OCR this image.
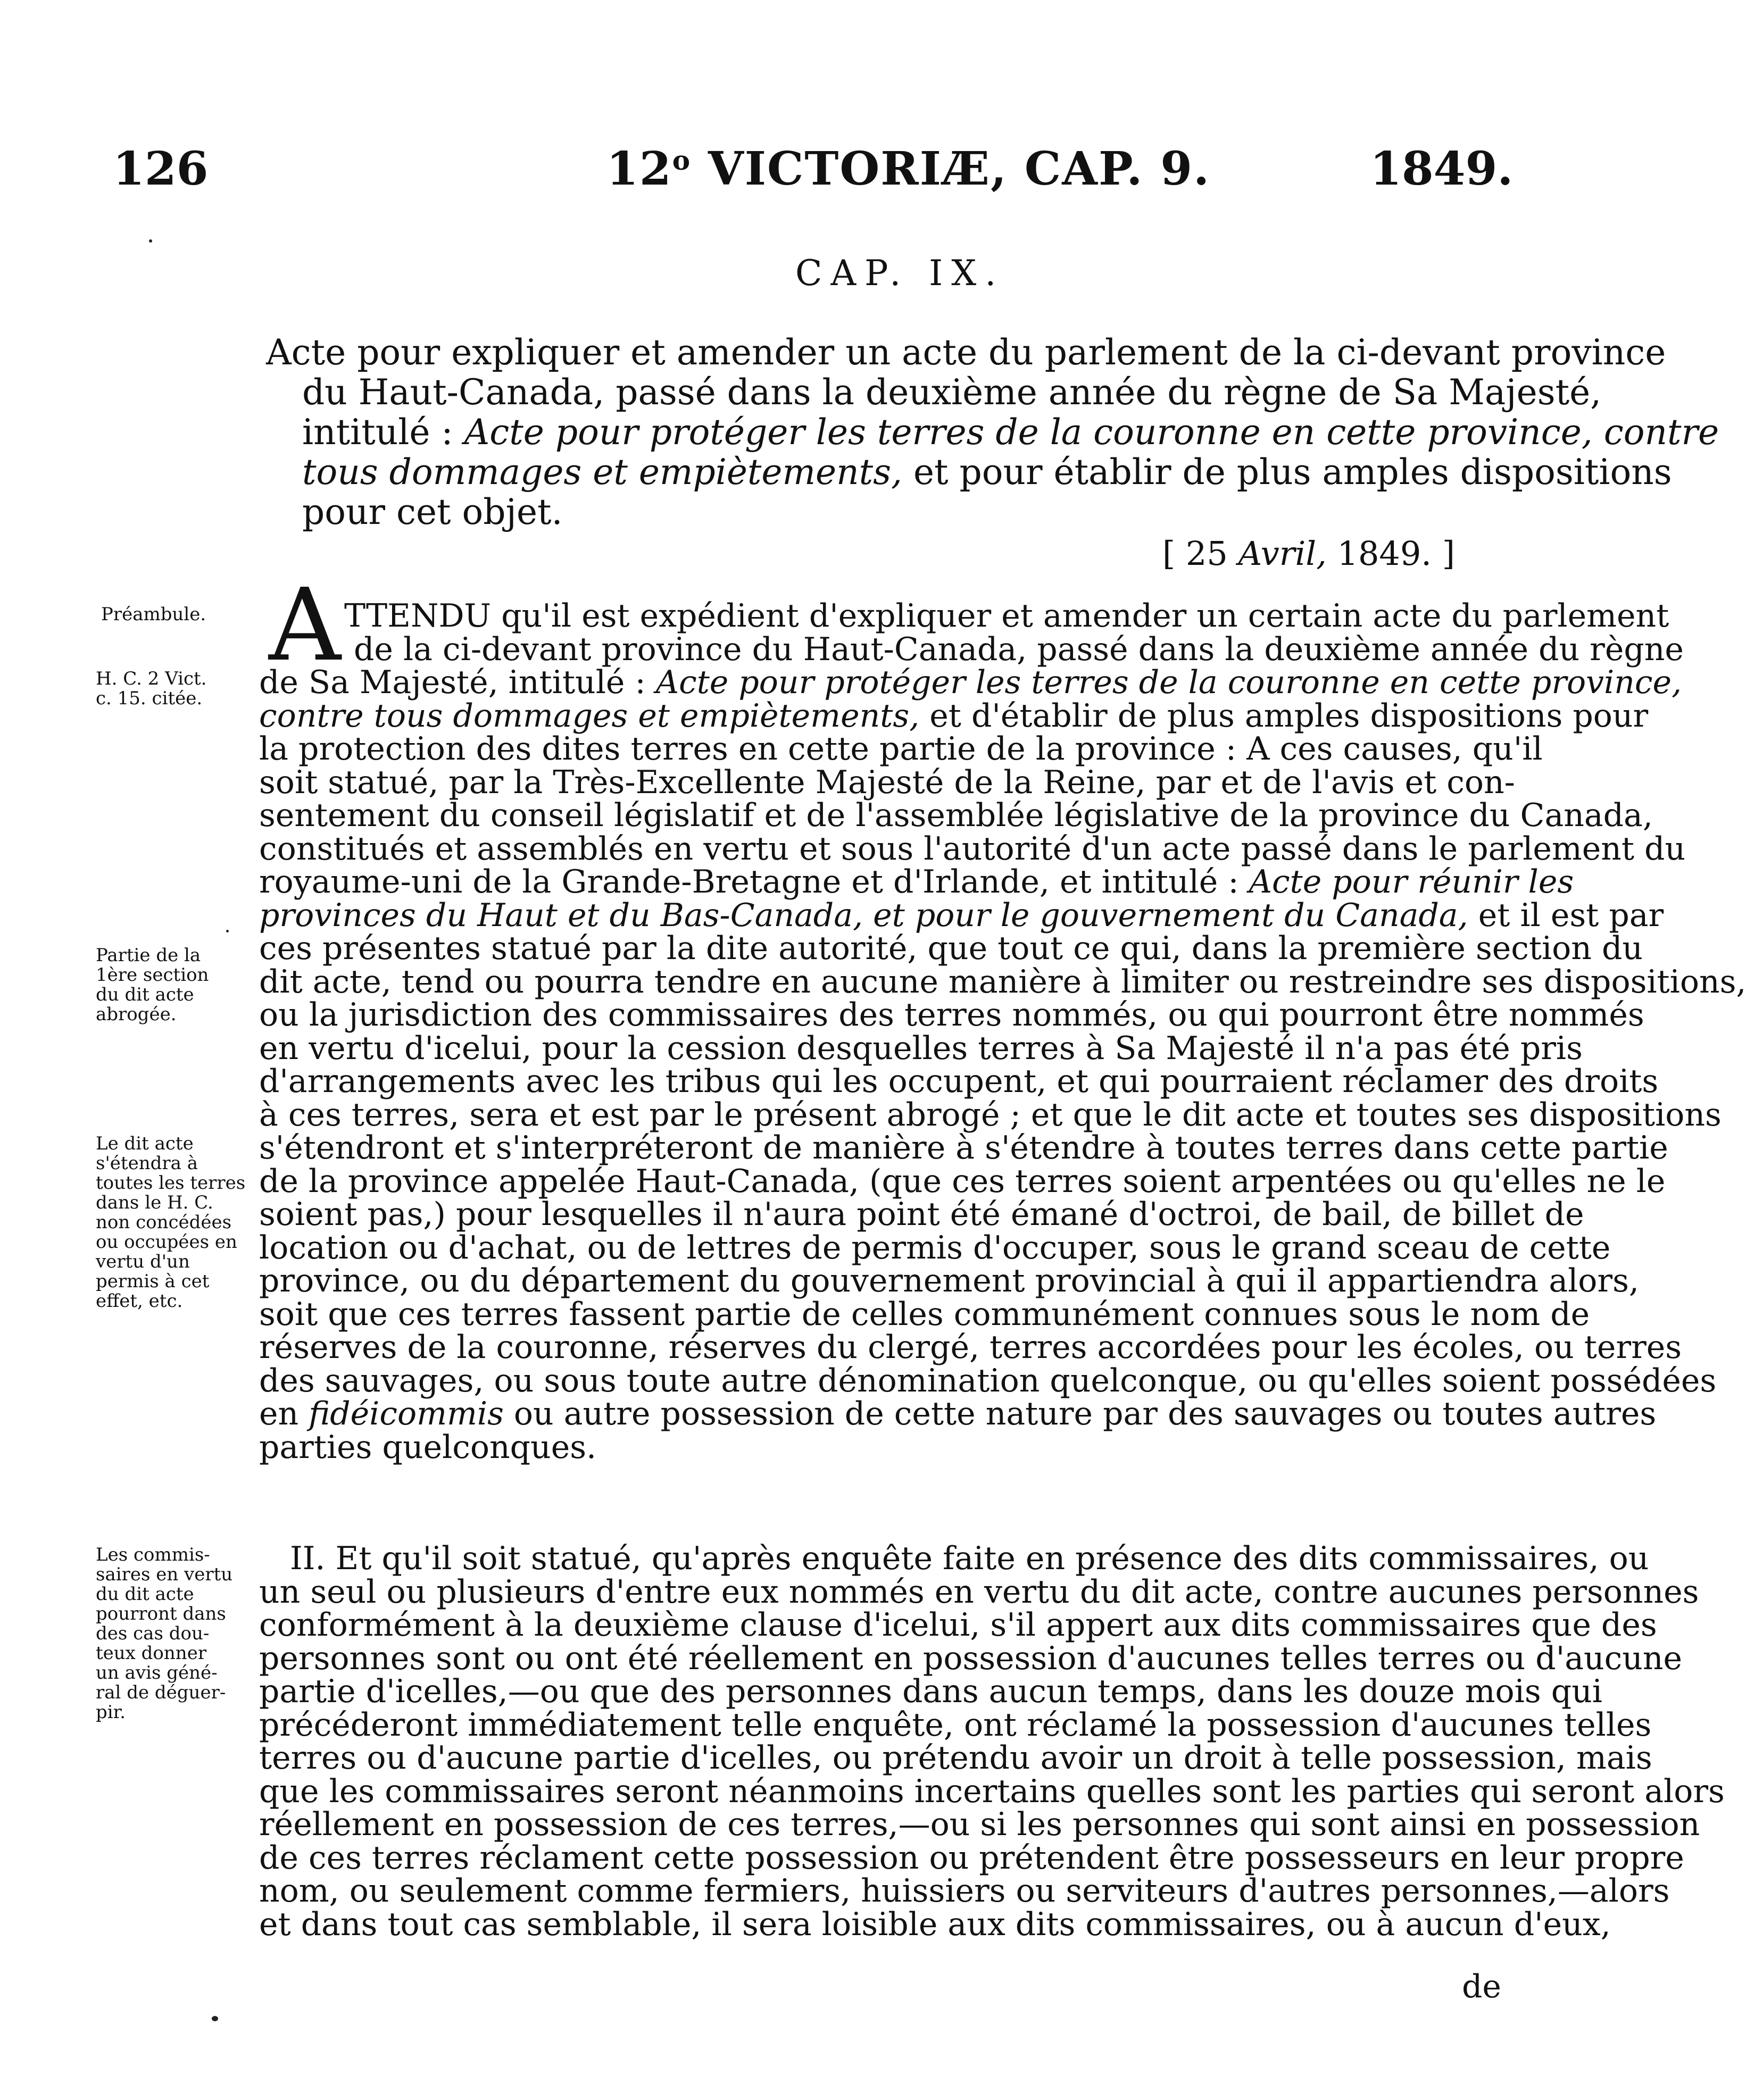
126	12$^o$ VICTORIÆ, CAP. 9.	1849.
CAP. IX.
Acte pour expliquer et amender un acte du parlement de la ci-devant province
du Haut-Canada, passé dans la deuxième année du règne de Sa Majesté,
intitulé : Acte pour protéger les terres de la couronne en cette province, contre
tous dommages et empiètements, et pour établir de plus amples dispositions
pour cet objet.
[ 25 Avril, 1849. ]
Préambule.
H. C. 2 Vict.
c. 15. citée.
Partie de la
1ère section
du dit acte
abrogée.
Le dit acte
s'étendra à
toutes les terres
dans le H. C.
non concédées
ou occupées en
vertu d'un
permis à cet
effet, etc.
Les commis-
saires en vertu
du dit acte
pourront dans
des cas dou-
teux donner
un avis géné-
ral de déguer-
pir.
A TTENDU qu'il est expédient d'expliquer et amender un certain acte du parlement
de la ci-devant province du Haut-Canada, passé dans la deuxième année du règne
de Sa Majesté, intitulé : Acte pour protéger les terres de la couronne en cette province,
contre tous dommages et empiètements, et d'établir de plus amples dispositions pour
la protection des dites terres en cette partie de la province : A ces causes, qu'il
soit statué, par la Très-Excellente Majesté de la Reine, par et de l'avis et con-
sentement du conseil législatif et de l'assemblée législative de la province du Canada,
constitués et assemblés en vertu et sous l'autorité d'un acte passé dans le parlement du
royaume-uni de la Grande-Bretagne et d'Irlande, et intitulé : Acte pour réunir les
provinces du Haut et du Bas-Canada, et pour le gouvernement du Canada, et il est par
ces présentes statué par la dite autorité, que tout ce qui, dans la première section du
dit acte, tend ou pourra tendre en aucune manière à limiter ou restreindre ses dispositions,
ou la jurisdiction des commissaires des terres nommés, ou qui pourront être nommés
en vertu d'icelui, pour la cession desquelles terres à Sa Majesté il n'a pas été pris
d'arrangements avec les tribus qui les occupent, et qui pourraient réclamer des droits
à ces terres, sera et est par le présent abrogé ; et que le dit acte et toutes ses dispositions
s'étendront et s'interpréteront de manière à s'étendre à toutes terres dans cette partie
de la province appelée Haut-Canada, (que ces terres soient arpentées ou qu'elles ne le
soient pas,) pour lesquelles il n'aura point été émané d'octroi, de bail, de billet de
location ou d'achat, ou de lettres de permis d'occuper, sous le grand sceau de cette
province, ou du département du gouvernement provincial à qui il appartiendra alors,
soit que ces terres fassent partie de celles communément connues sous le nom de
réserves de la couronne, réserves du clergé, terres accordées pour les écoles, ou terres
des sauvages, ou sous toute autre dénomination quelconque, ou qu'elles soient possédées
en fidéicommis ou autre possession de cette nature par des sauvages ou toutes autres
parties quelconques.
II. Et qu'il soit statué, qu'après enquête faite en présence des dits commissaires, ou
un seul ou plusieurs d'entre eux nommés en vertu du dit acte, contre aucunes personnes
conformément à la deuxième clause d'icelui, s'il appert aux dits commissaires que des
personnes sont ou ont été réellement en possession d'aucunes telles terres ou d'aucune
partie d'icelles,—ou que des personnes dans aucun temps, dans les douze mois qui
précéderont immédiatement telle enquête, ont réclamé la possession d'aucunes telles
terres ou d'aucune partie d'icelles, ou prétendu avoir un droit à telle possession, mais
que les commissaires seront néanmoins incertains quelles sont les parties qui seront alors
réellement en possession de ces terres,—ou si les personnes qui sont ainsi en possession
de ces terres réclament cette possession ou prétendent être possesseurs en leur propre
nom, ou seulement comme fermiers, huissiers ou serviteurs d'autres personnes,—alors
et dans tout cas semblable, il sera loisible aux dits commissaires, ou à aucun d'eux,
de
